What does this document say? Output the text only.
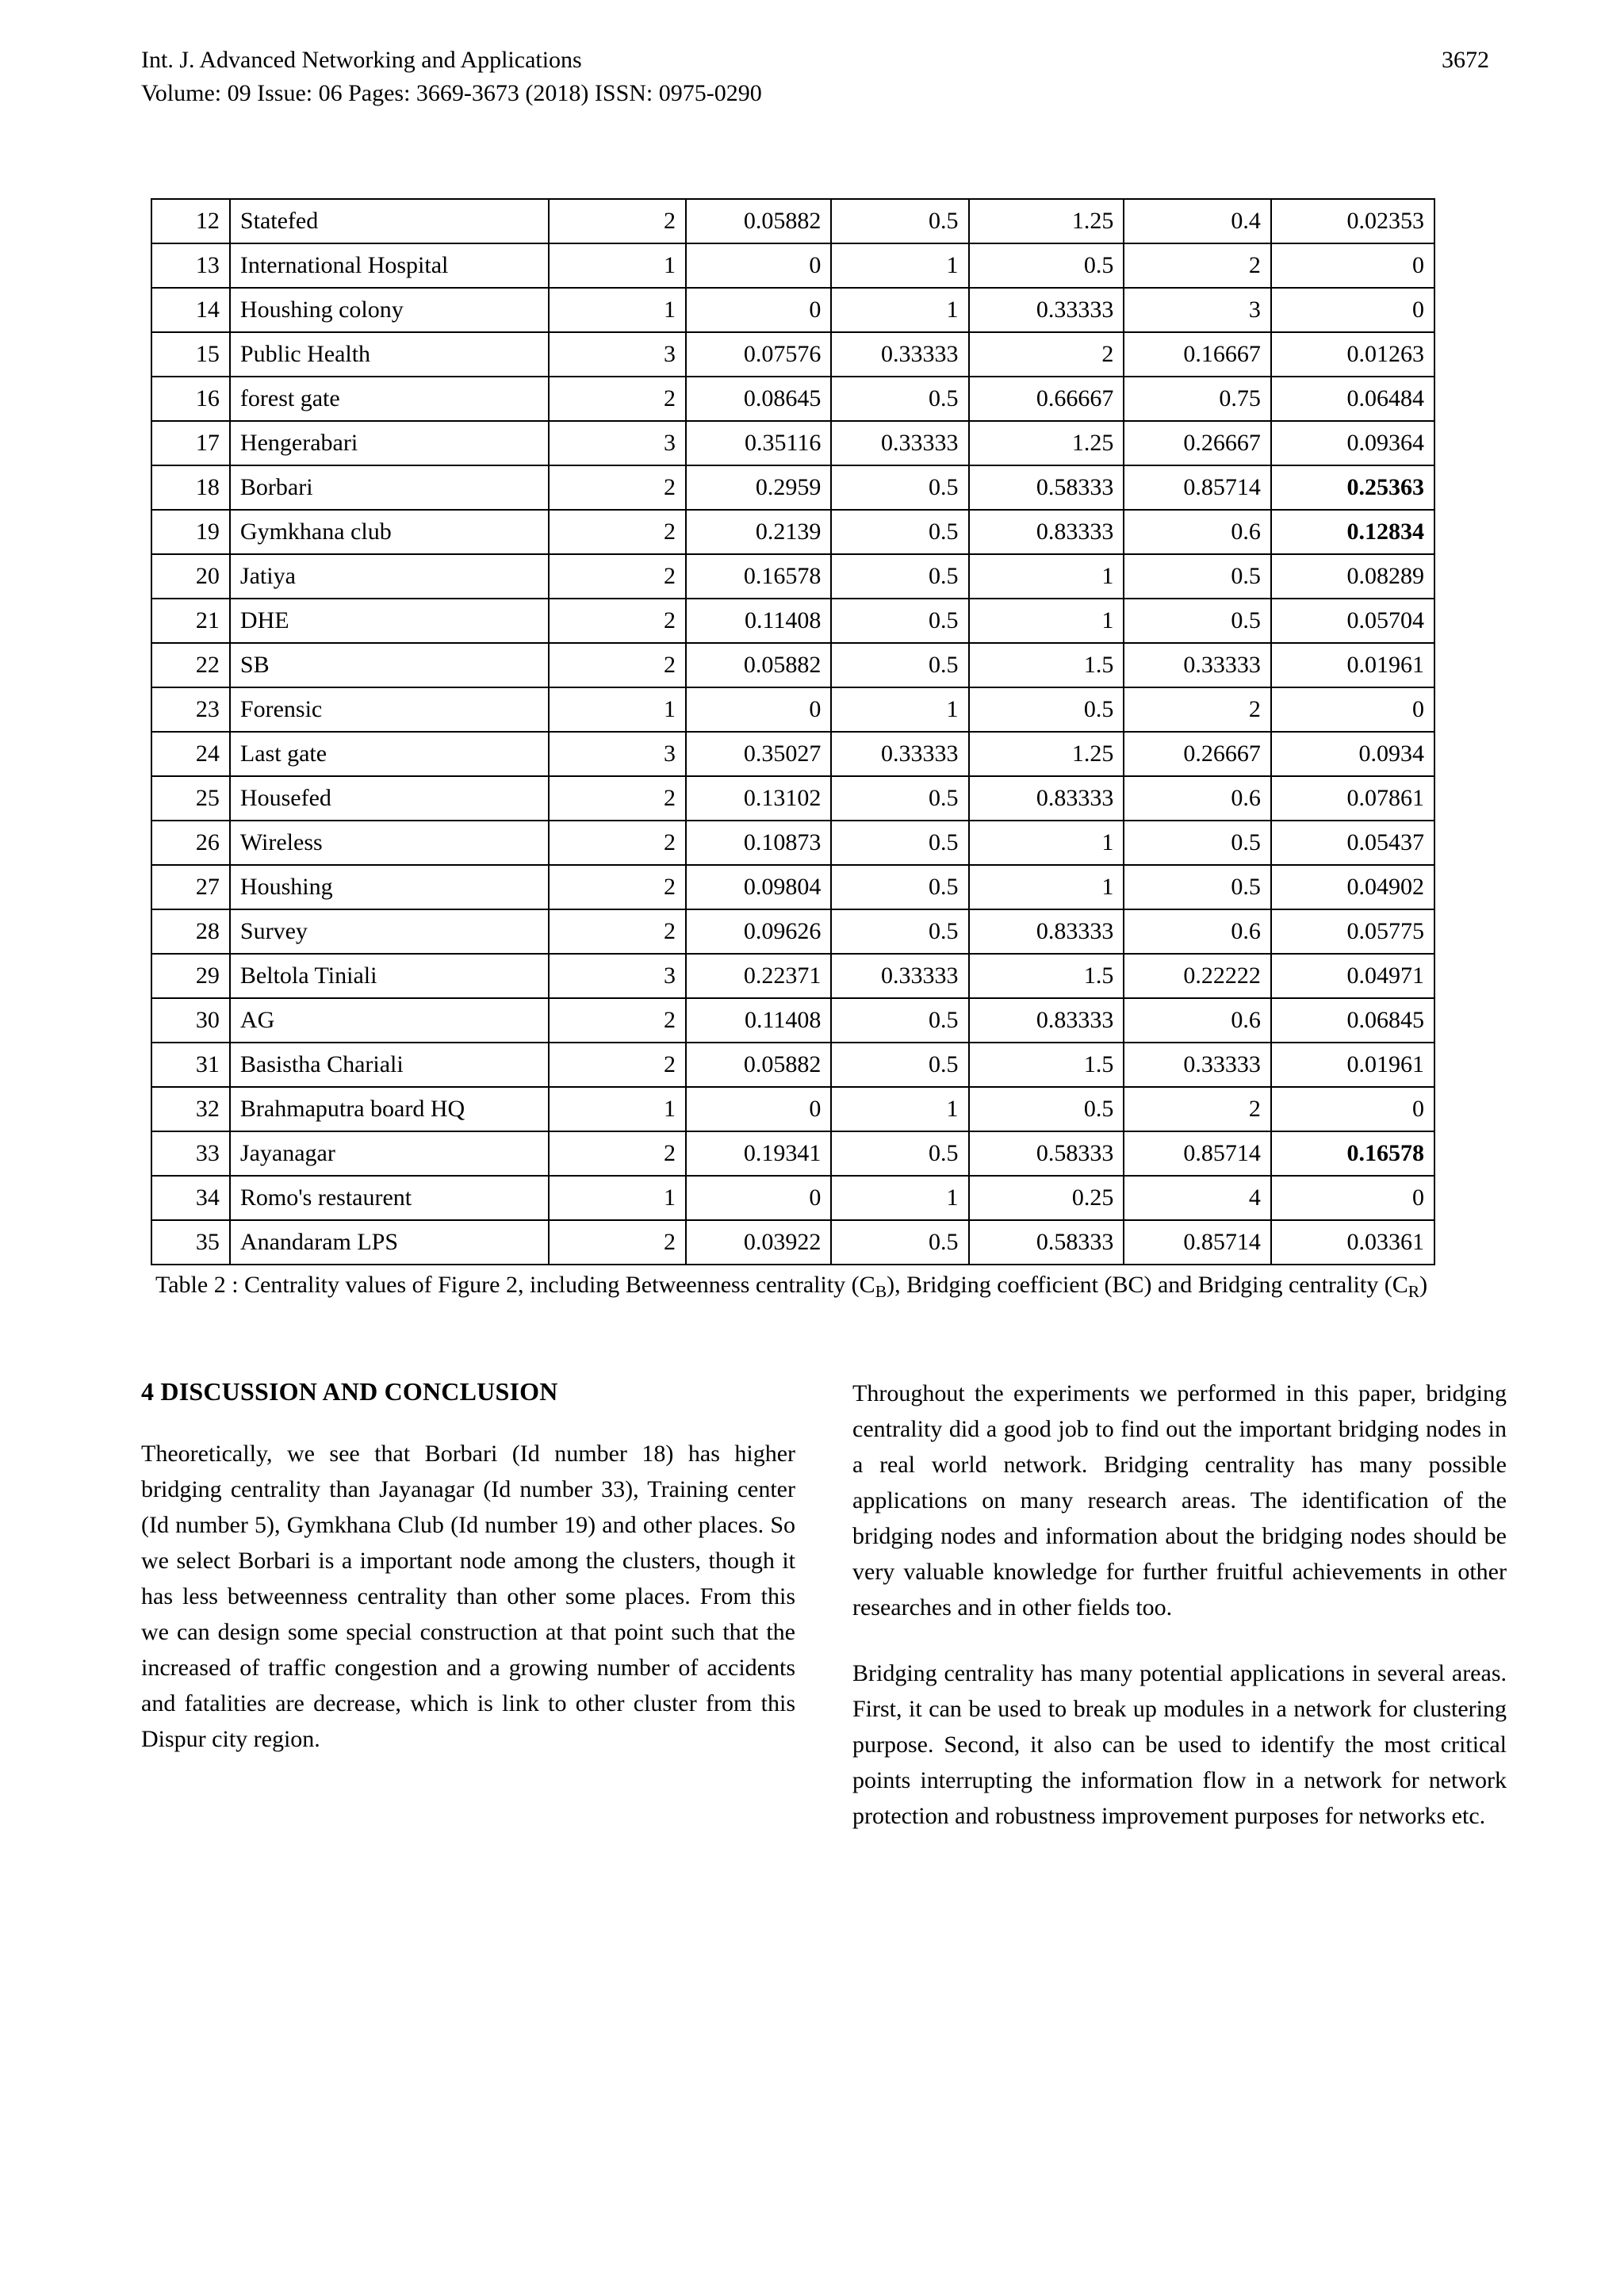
Int. J. Advanced Networking and Applications	3672
Volume: 09 Issue: 06 Pages: 3669-3673 (2018) ISSN: 0975-0290
12	Statefed	2	0.05882	0.5	1.25	0.4	0.02353
13	International Hospital	1	0	1	0.5	2	0
14	Houshing colony	1	0	1	0.33333	3	0
15	Public Health	3	0.07576	0.33333	2	0.16667	0.01263
16	forest gate	2	0.08645	0.5	0.66667	0.75	0.06484
17	Hengerabari	3	0.35116	0.33333	1.25	0.26667	0.09364
18	Borbari	2	0.2959	0.5	0.58333	0.85714	0.25363
19	Gymkhana club	2	0.2139	0.5	0.83333	0.6	0.12834
20	Jatiya	2	0.16578	0.5	1	0.5	0.08289
21	DHE	2	0.11408	0.5	1	0.5	0.05704
22	SB	2	0.05882	0.5	1.5	0.33333	0.01961
23	Forensic	1	0	1	0.5	2	0
24	Last gate	3	0.35027	0.33333	1.25	0.26667	0.0934
25	Housefed	2	0.13102	0.5	0.83333	0.6	0.07861
26	Wireless	2	0.10873	0.5	1	0.5	0.05437
27	Houshing	2	0.09804	0.5	1	0.5	0.04902
28	Survey	2	0.09626	0.5	0.83333	0.6	0.05775
29	Beltola Tiniali	3	0.22371	0.33333	1.5	0.22222	0.04971
30	AG	2	0.11408	0.5	0.83333	0.6	0.06845
31	Basistha Chariali	2	0.05882	0.5	1.5	0.33333	0.01961
32	Brahmaputra board HQ	1	0	1	0.5	2	0
33	Jayanagar	2	0.19341	0.5	0.58333	0.85714	0.16578
34	Romo's restaurent	1	0	1	0.25	4	0
35	Anandaram LPS	2	0.03922	0.5	0.58333	0.85714	0.03361
Table 2 : Centrality values of Figure 2, including Betweenness centrality $(C_B)$, Bridging coefficient (BC) and Bridging centrality $(C_R)$
4 DISCUSSION AND CONCLUSION

Theoretically, we see that Borbari (Id number 18) has higher bridging centrality than Jayanagar (Id number 33), Training center (Id number 5), Gymkhana Club (Id number 19) and other places. So we select Borbari is a important node among the clusters, though it has less betweenness centrality than other some places. From this we can design some special construction at that point such that the increased of traffic congestion and a growing number of accidents and fatalities are decrease, which is link to other cluster from this Dispur city region.

Throughout the experiments we performed in this paper, bridging centrality did a good job to find out the important bridging nodes in a real world network. Bridging centrality has many possible applications on many research areas. The identification of the bridging nodes and information about the bridging nodes should be very valuable knowledge for further fruitful achievements in other researches and in other fields too.

Bridging centrality has many potential applications in several areas. First, it can be used to break up modules in a network for clustering purpose. Second, it also can be used to identify the most critical points interrupting the information flow in a network for network protection and robustness improvement purposes for networks etc.
